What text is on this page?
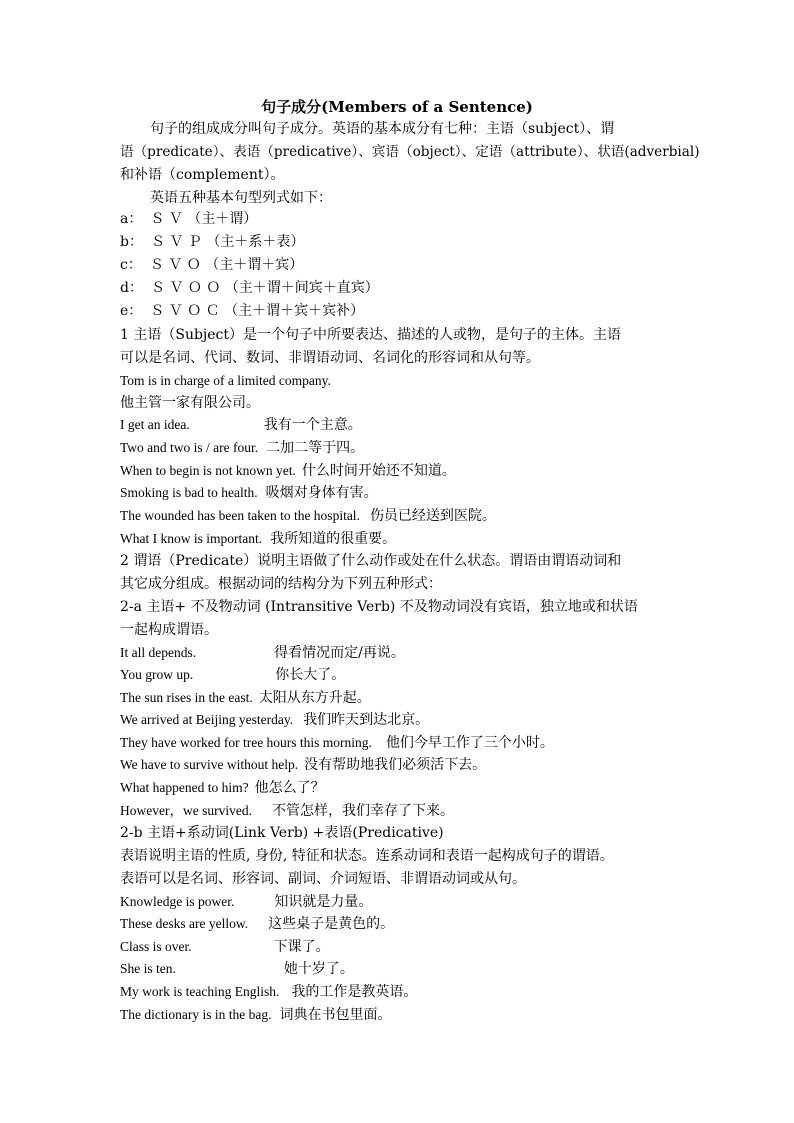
句子成分(Members of a Sentence)
句子的组成成分叫句子成分。英语的基本成分有七种：主语（subject）、谓
语（predicate）、表语（predicative）、宾语（object）、定语（attribute）、状语(adverbial)
和补语（complement）。
英语五种基本句型列式如下：
a： Ｓ Ｖ （主＋谓）
b： Ｓ Ｖ Ｐ （主＋系＋表）
c： Ｓ Ｖ Ｏ （主＋谓＋宾）
d： Ｓ Ｖ Ｏ Ｏ （主＋谓＋间宾＋直宾）
e： Ｓ Ｖ Ｏ Ｃ （主＋谓＋宾＋宾补）
1 主语（Subject）是一个句子中所要表达、描述的人或物，是句子的主体。主语
可以是名词、代词、数词、非谓语动词、名词化的形容词和从句等。
Tom is in charge of a limited company.
他主管一家有限公司。
I get an idea.	我有一个主意。
Two and two is / are four. 二加二等于四。
When to begin is not known yet. 什么时间开始还不知道。
Smoking is bad to health. 吸烟对身体有害。
The wounded has been taken to the hospital. 伤员已经送到医院。
What I know is important. 我所知道的很重要。
2 谓语（Predicate）说明主语做了什么动作或处在什么状态。谓语由谓语动词和
其它成分组成。根据动词的结构分为下列五种形式：
2-a 主语+ 不及物动词 (Intransitive Verb) 不及物动词没有宾语，独立地或和状语
一起构成谓语。
It all depends.	得看情况而定/再说。
You grow up.	你长大了。
The sun rises in the east. 太阳从东方升起。
We arrived at Beijing yesterday. 我们昨天到达北京。
They have worked for tree hours this morning. 他们今早工作了三个小时。
We have to survive without help. 没有帮助地我们必须活下去。
What happened to him? 他怎么了？
However，we survived. 不管怎样，我们幸存了下来。
2-b 主语+系动词(Link Verb) +表语(Predicative)
表语说明主语的性质, 身份, 特征和状态。连系动词和表语一起构成句子的谓语。
表语可以是名词、形容词、副词、介词短语、非谓语动词或从句。
Knowledge is power.	知识就是力量。
These desks are yellow. 这些桌子是黄色的。
Class is over.	下课了。
She is ten.	她十岁了。
My work is teaching English. 我的工作是教英语。
The dictionary is in the bag. 词典在书包里面。
